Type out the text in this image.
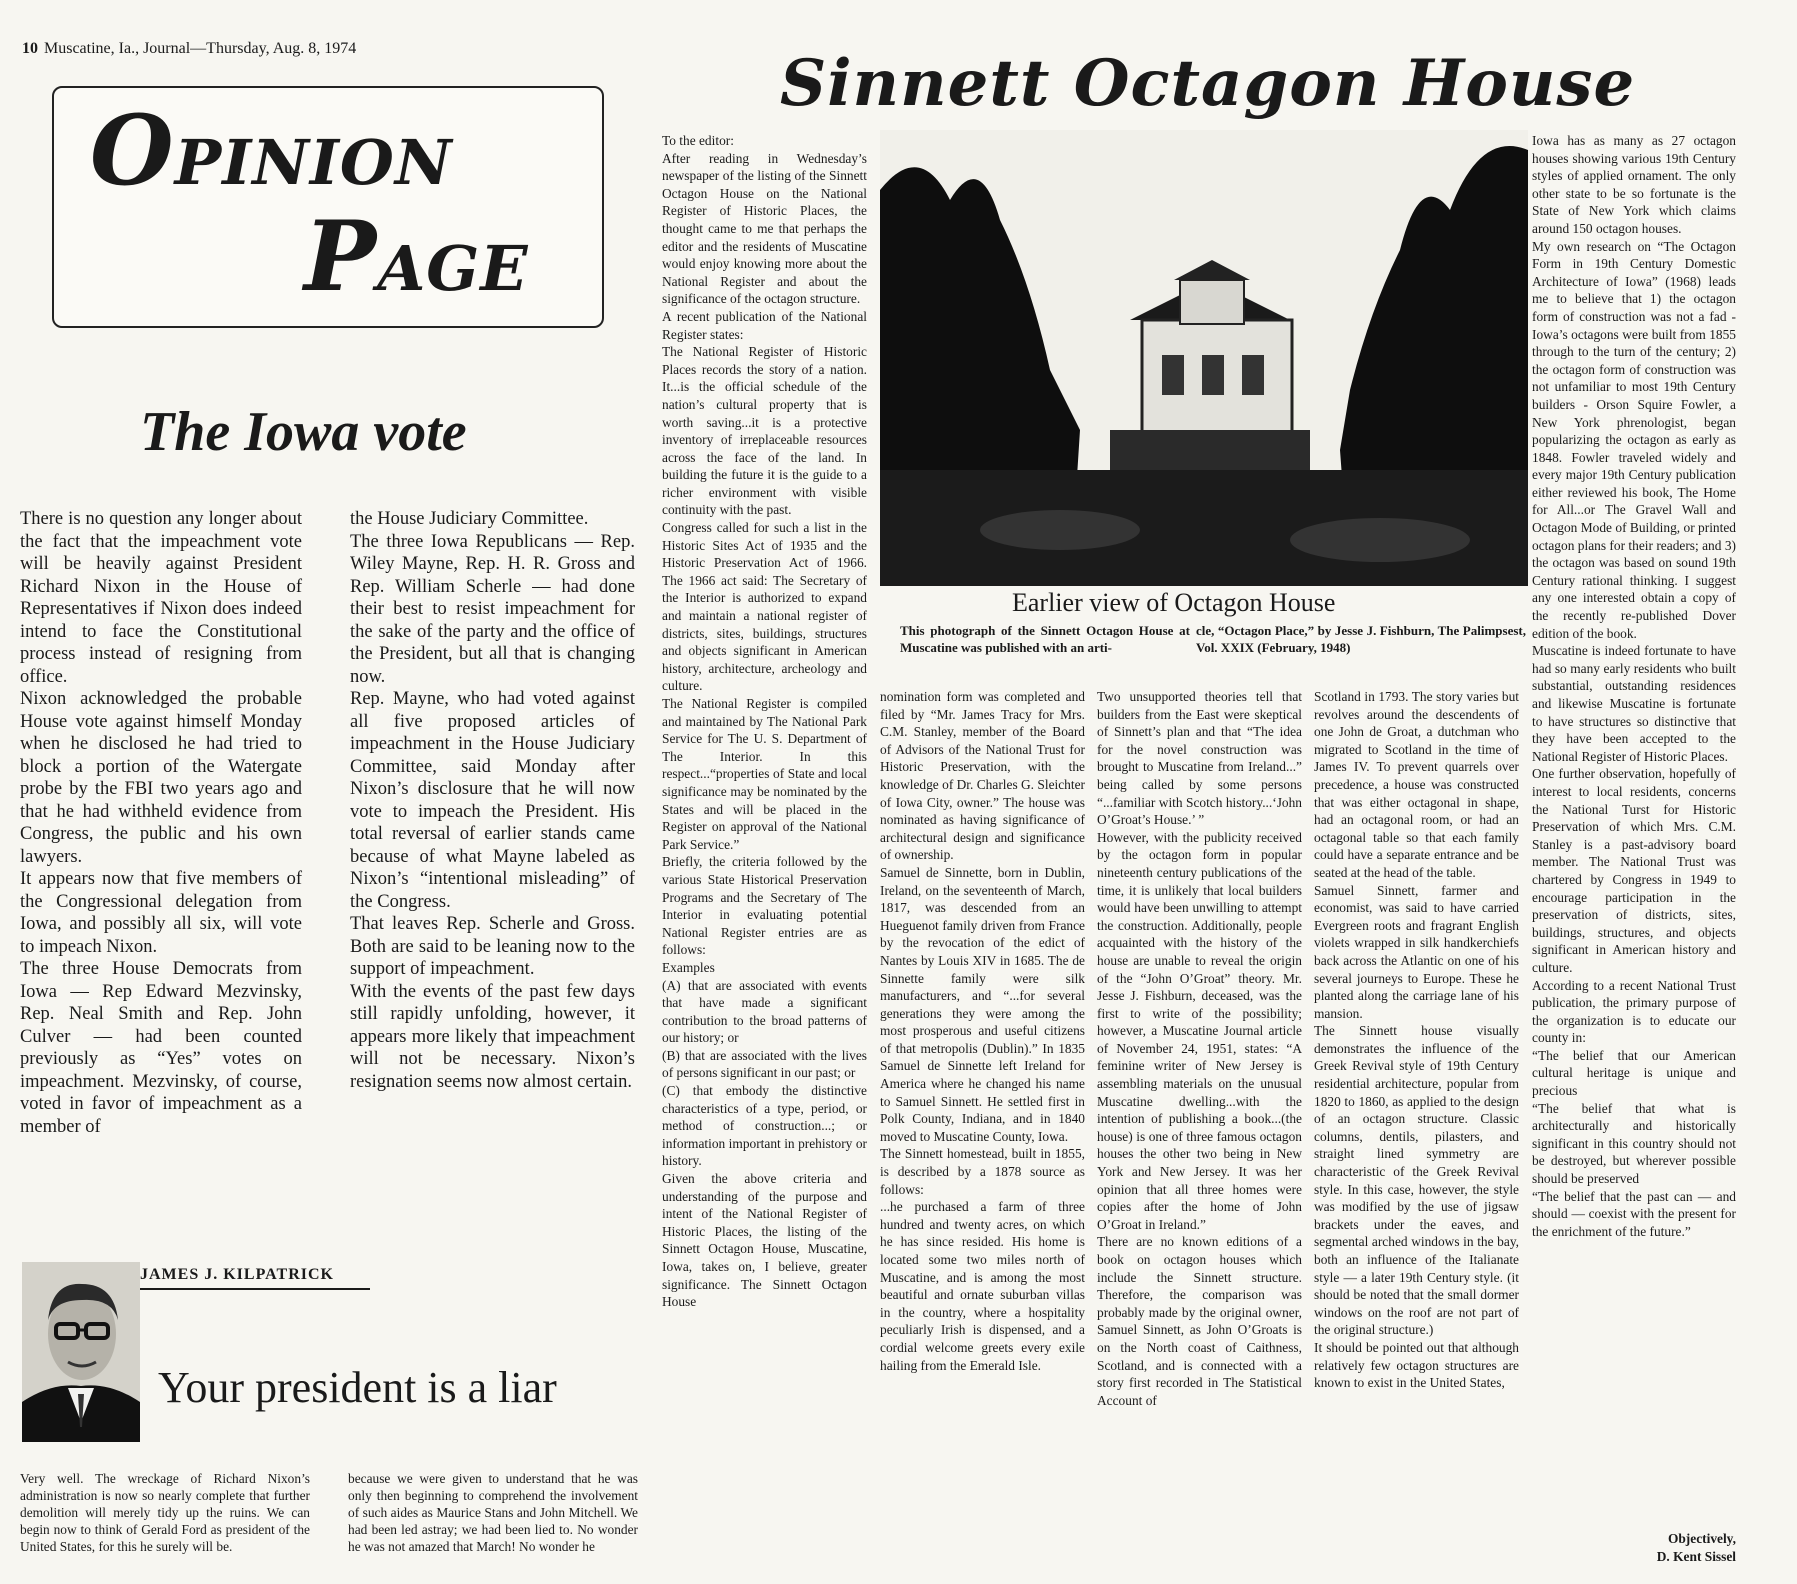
10 Muscatine, Ia., Journal—Thursday, Aug. 8, 1974
OPINION
PAGE
Sinnett Octagon House
The Iowa vote
There is no question any longer about the fact that the impeachment vote will be heavily against President Richard Nixon in the House of Representatives if Nixon does indeed intend to face the Constitutional process instead of resigning from office.
Nixon acknowledged the probable House vote against himself Monday when he disclosed he had tried to block a portion of the Watergate probe by the FBI two years ago and that he had withheld evidence from Congress, the public and his own lawyers.
It appears now that five members of the Congressional delegation from Iowa, and possibly all six, will vote to impeach Nixon.
The three House Democrats from Iowa — Rep Edward Mezvinsky, Rep. Neal Smith and Rep. John Culver — had been counted previously as “Yes” votes on impeachment. Mezvinsky, of course, voted in favor of impeachment as a member of
the House Judiciary Committee.
The three Iowa Republicans — Rep. Wiley Mayne, Rep. H. R. Gross and Rep. William Scherle — had done their best to resist impeachment for the sake of the party and the office of the President, but all that is changing now.
Rep. Mayne, who had voted against all five proposed articles of impeachment in the House Judiciary Committee, said Monday after Nixon’s disclosure that he will now vote to impeach the President. His total reversal of earlier stands came because of what Mayne labeled as Nixon’s “intentional misleading” of the Congress.
That leaves Rep. Scherle and Gross. Both are said to be leaning now to the support of impeachment.
With the events of the past few days still rapidly unfolding, however, it appears more likely that impeachment will not be necessary. Nixon’s resignation seems now almost certain.
JAMES J. KILPATRICK
Your president is a liar
Very well. The wreckage of Richard Nixon’s administration is now so nearly complete that further demolition will merely tidy up the ruins. We can begin now to think of Gerald Ford as president of the United States, for this he surely will be.
because we were given to understand that he was only then beginning to comprehend the involvement of such aides as Maurice Stans and John Mitchell. We had been led astray; we had been lied to. No wonder he was not amazed that March! No wonder he
To the editor:
After reading in Wednesday’s newspaper of the listing of the Sinnett Octagon House on the National Register of Historic Places, the thought came to me that perhaps the editor and the residents of Muscatine would enjoy knowing more about the National Register and about the significance of the octagon structure.
A recent publication of the National Register states:
The National Register of Historic Places records the story of a nation. It...is the official schedule of the nation’s cultural property that is worth saving...it is a protective inventory of irreplaceable resources across the face of the land. In building the future it is the guide to a richer environment with visible continuity with the past.
Congress called for such a list in the Historic Sites Act of 1935 and the Historic Preservation Act of 1966. The 1966 act said: The Secretary of the Interior is authorized to expand and maintain a national register of districts, sites, buildings, structures and objects significant in American history, architecture, archeology and culture.
The National Register is compiled and maintained by The National Park Service for The U. S. Department of The Interior. In this respect...“properties of State and local significance may be nominated by the States and will be placed in the Register on approval of the National Park Service.”
Briefly, the criteria followed by the various State Historical Preservation Programs and the Secretary of The Interior in evaluating potential National Register entries are as follows:
Examples
(A) that are associated with events that have made a significant contribution to the broad patterns of our history; or
(B) that are associated with the lives of persons significant in our past; or
(C) that embody the distinctive characteristics of a type, period, or method of construction...; or information important in prehistory or history.
Given the above criteria and understanding of the purpose and intent of the National Register of Historic Places, the listing of the Sinnett Octagon House, Muscatine, Iowa, takes on, I believe, greater significance. The Sinnett Octagon House
Earlier view of Octagon House
This photograph of the Sinnett Octagon House at Muscatine was published with an arti-
cle, “Octagon Place,” by Jesse J. Fishburn, The Palimpsest, Vol. XXIX (February, 1948)
nomination form was completed and filed by “Mr. James Tracy for Mrs. C.M. Stanley, member of the Board of Advisors of the National Trust for Historic Preservation, with the knowledge of Dr. Charles G. Sleichter of Iowa City, owner.” The house was nominated as having significance of architectural design and significance of ownership.
Samuel de Sinnette, born in Dublin, Ireland, on the seventeenth of March, 1817, was descended from an Hueguenot family driven from France by the revocation of the edict of Nantes by Louis XIV in 1685. The de Sinnette family were silk manufacturers, and “...for several generations they were among the most prosperous and useful citizens of that metropolis (Dublin).” In 1835 Samuel de Sinnette left Ireland for America where he changed his name to Samuel Sinnett. He settled first in Polk County, Indiana, and in 1840 moved to Muscatine County, Iowa.
The Sinnett homestead, built in 1855, is described by a 1878 source as follows:
...he purchased a farm of three hundred and twenty acres, on which he has since resided. His home is located some two miles north of Muscatine, and is among the most beautiful and ornate suburban villas in the country, where a hospitality peculiarly Irish is dispensed, and a cordial welcome greets every exile hailing from the Emerald Isle.
Two unsupported theories tell that builders from the East were skeptical of Sinnett’s plan and that “The idea for the novel construction was brought to Muscatine from Ireland...” being called by some persons “...familiar with Scotch history...‘John O’Groat’s House.’ ”
However, with the publicity received by the octagon form in popular nineteenth century publications of the time, it is unlikely that local builders would have been unwilling to attempt the construction. Additionally, people acquainted with the history of the house are unable to reveal the origin of the “John O’Groat” theory. Mr. Jesse J. Fishburn, deceased, was the first to write of the possibility; however, a Muscatine Journal article of November 24, 1951, states: “A feminine writer of New Jersey is assembling materials on the unusual Muscatine dwelling...with the intention of publishing a book...(the house) is one of three famous octagon houses the other two being in New York and New Jersey. It was her opinion that all three homes were copies after the home of John O’Groat in Ireland.”
There are no known editions of a book on octagon houses which include the Sinnett structure. Therefore, the comparison was probably made by the original owner, Samuel Sinnett, as John O’Groats is on the North coast of Caithness, Scotland, and is connected with a story first recorded in The Statistical Account of
Scotland in 1793. The story varies but revolves around the descendents of one John de Groat, a dutchman who migrated to Scotland in the time of James IV. To prevent quarrels over precedence, a house was constructed that was either octagonal in shape, had an octagonal room, or had an octagonal table so that each family could have a separate entrance and be seated at the head of the table.
Samuel Sinnett, farmer and economist, was said to have carried Evergreen roots and fragrant English violets wrapped in silk handkerchiefs back across the Atlantic on one of his several journeys to Europe. These he planted along the carriage lane of his mansion.
The Sinnett house visually demonstrates the influence of the Greek Revival style of 19th Century residential architecture, popular from 1820 to 1860, as applied to the design of an octagon structure. Classic columns, dentils, pilasters, and straight lined symmetry are characteristic of the Greek Revival style. In this case, however, the style was modified by the use of jigsaw brackets under the eaves, and segmental arched windows in the bay, both an influence of the Italianate style — a later 19th Century style. (it should be noted that the small dormer windows on the roof are not part of the original structure.)
It should be pointed out that although relatively few octagon structures are known to exist in the United States,
Iowa has as many as 27 octagon houses showing various 19th Century styles of applied ornament. The only other state to be so fortunate is the State of New York which claims around 150 octagon houses.
My own research on “The Octagon Form in 19th Century Domestic Architecture of Iowa” (1968) leads me to believe that 1) the octagon form of construction was not a fad - Iowa’s octagons were built from 1855 through to the turn of the century; 2) the octagon form of construction was not unfamiliar to most 19th Century builders - Orson Squire Fowler, a New York phrenologist, began popularizing the octagon as early as 1848. Fowler traveled widely and every major 19th Century publication either reviewed his book, The Home for All...or The Gravel Wall and Octagon Mode of Building, or printed octagon plans for their readers; and 3) the octagon was based on sound 19th Century rational thinking. I suggest any one interested obtain a copy of the recently re-published Dover edition of the book.
Muscatine is indeed fortunate to have had so many early residents who built substantial, outstanding residences and likewise Muscatine is fortunate to have structures so distinctive that they have been accepted to the National Register of Historic Places.
One further observation, hopefully of interest to local residents, concerns the National Turst for Historic Preservation of which Mrs. C.M. Stanley is a past-advisory board member. The National Trust was chartered by Congress in 1949 to encourage participation in the preservation of districts, sites, buildings, structures, and objects significant in American history and culture.
According to a recent National Trust publication, the primary purpose of the organization is to educate our county in:
“The belief that our American cultural heritage is unique and precious
“The belief that what is architecturally and historically significant in this country should not be destroyed, but wherever possible should be preserved
“The belief that the past can — and should — coexist with the present for the enrichment of the future.”
Objectively,
D. Kent Sissel
